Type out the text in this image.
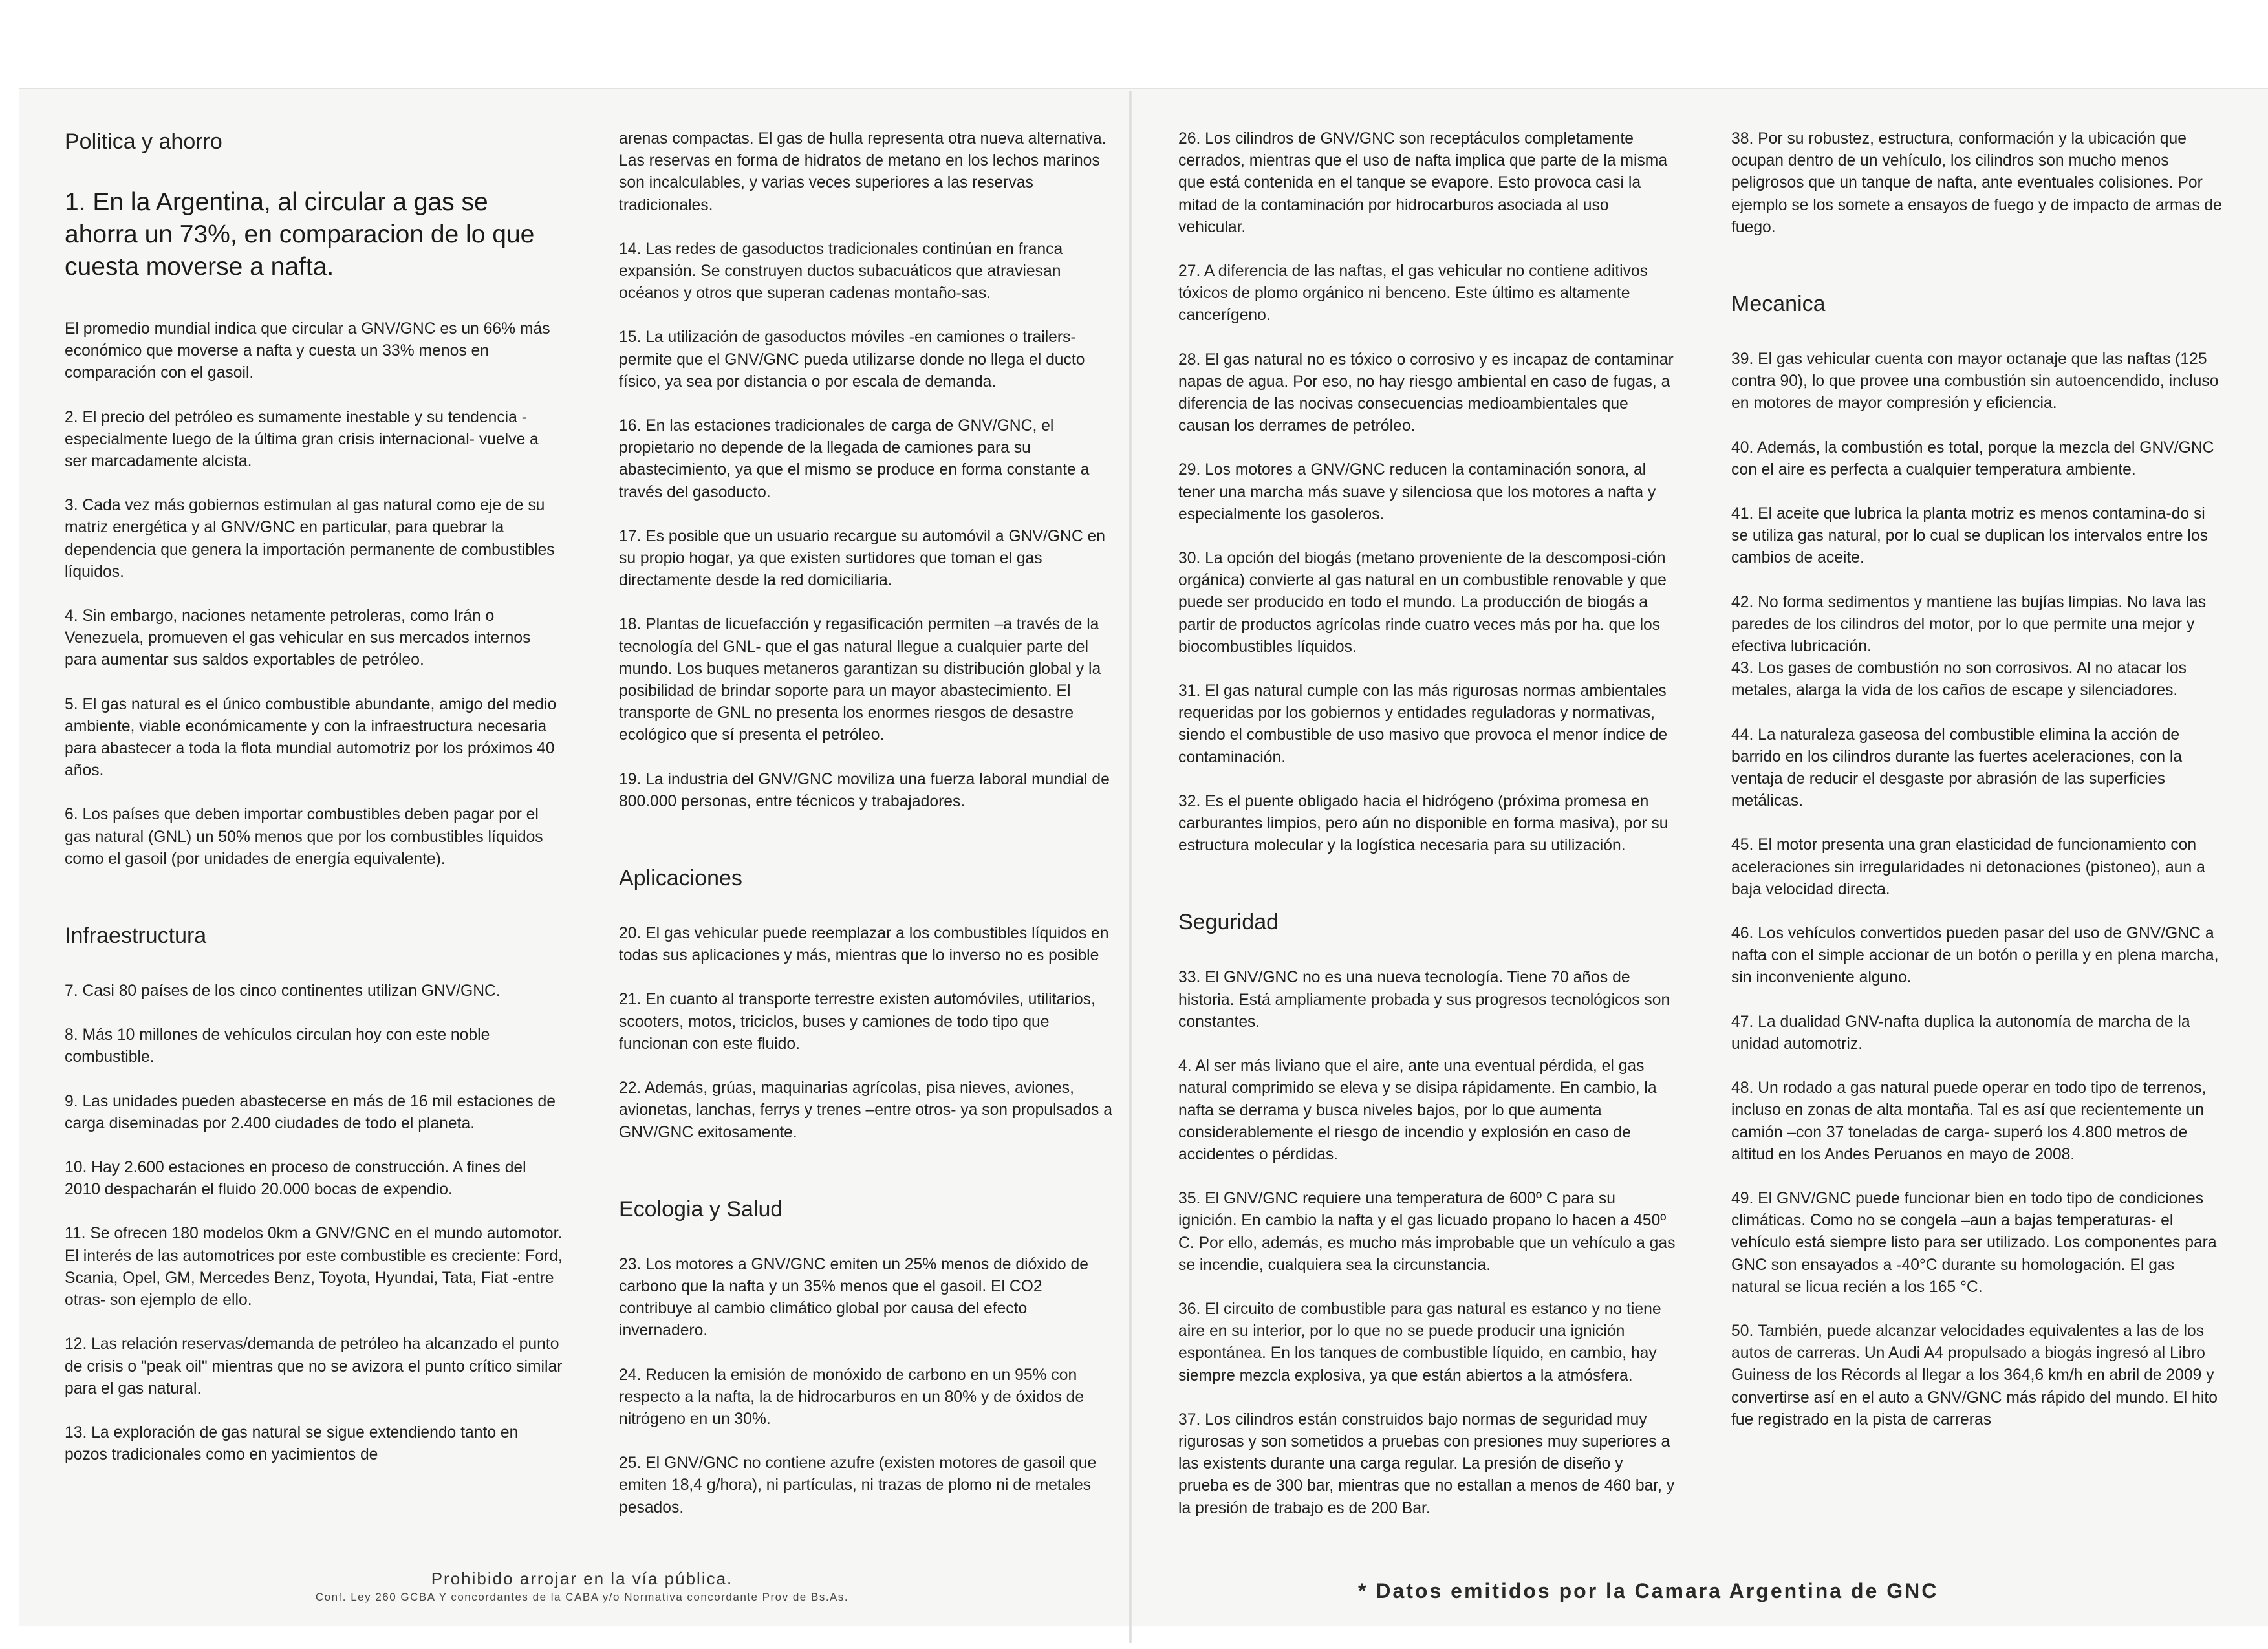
Politica y ahorro
1. En la Argentina, al circular a gas se ahorra un 73%, en comparacion de lo que cuesta moverse a nafta.

El promedio mundial indica que circular a GNV/GNC es un 66% más económico que moverse a nafta y cuesta un 33% menos en comparación con el gasoil.

2. El precio del petróleo es sumamente inestable y su tendencia -especialmente luego de la última gran crisis internacional- vuelve a ser marcadamente alcista.

3. Cada vez más gobiernos estimulan al gas natural como eje de su matriz energética y al GNV/GNC en particular, para quebrar la dependencia que genera la importación permanente de combustibles líquidos.

4. Sin embargo, naciones netamente petroleras, como Irán o Venezuela, promueven el gas vehicular en sus mercados internos para aumentar sus saldos exportables de petróleo.

5. El gas natural es el único combustible abundante, amigo del medio ambiente, viable económicamente y con la infraestructura necesaria para abastecer a toda la flota mundial automotriz por los próximos 40 años.

6. Los países que deben importar combustibles deben pagar por el gas natural (GNL) un 50% menos que por los combustibles líquidos como el gasoil (por unidades de energía equivalente).

Infraestructura

7. Casi 80 países de los cinco continentes utilizan GNV/GNC.

8. Más 10 millones de vehículos circulan hoy con este noble combustible.

9. Las unidades pueden abastecerse en más de 16 mil estaciones de carga diseminadas por 2.400 ciudades de todo el planeta.

10. Hay 2.600 estaciones en proceso de construcción. A fines del 2010 despacharán el fluido 20.000 bocas de expendio.

11. Se ofrecen 180 modelos 0km a GNV/GNC en el mundo automotor. El interés de las automotrices por este combustible es creciente: Ford, Scania, Opel, GM, Mercedes Benz, Toyota, Hyundai, Tata, Fiat -entre otras- son ejemplo de ello.

12. Las relación reservas/demanda de petróleo ha alcanzado el punto de crisis o "peak oil" mientras que no se avizora el punto crítico similar para el gas natural.

13. La exploración de gas natural se sigue extendiendo tanto en pozos tradicionales como en yacimientos de

arenas compactas. El gas de hulla representa otra nueva alternativa. Las reservas en forma de hidratos de metano en los lechos marinos son incalculables, y varias veces superiores a las reservas tradicionales.

14. Las redes de gasoductos tradicionales continúan en franca expansión. Se construyen ductos subacuáticos que atraviesan océanos y otros que superan cadenas montaño-sas.

15. La utilización de gasoductos móviles -en camiones o trailers- permite que el GNV/GNC pueda utilizarse donde no llega el ducto físico, ya sea por distancia o por escala de demanda.

16. En las estaciones tradicionales de carga de GNV/GNC, el propietario no depende de la llegada de camiones para su abastecimiento, ya que el mismo se produce en forma constante a través del gasoducto.

17. Es posible que un usuario recargue su automóvil a GNV/GNC en su propio hogar, ya que existen surtidores que toman el gas directamente desde la red domiciliaria.

18. Plantas de licuefacción y regasificación permiten –a través de la tecnología del GNL- que el gas natural llegue a cualquier parte del mundo. Los buques metaneros garantizan su distribución global y la posibilidad de brindar soporte para un mayor abastecimiento. El transporte de GNL no presenta los enormes riesgos de desastre ecológico que sí presenta el petróleo.

19. La industria del GNV/GNC moviliza una fuerza laboral mundial de 800.000 personas, entre técnicos y trabajadores.

Aplicaciones

20. El gas vehicular puede reemplazar a los combustibles líquidos en todas sus aplicaciones y más, mientras que lo inverso no es posible

21. En cuanto al transporte terrestre existen automóviles, utilitarios, scooters, motos, triciclos, buses y camiones de todo tipo que funcionan con este fluido.

22. Además, grúas, maquinarias agrícolas, pisa nieves, aviones, avionetas, lanchas, ferrys y trenes –entre otros- ya son propulsados a GNV/GNC exitosamente.

Ecologia y Salud

23. Los motores a GNV/GNC emiten un 25% menos de dióxido de carbono que la nafta y un 35% menos que el gasoil. El CO2 contribuye al cambio climático global por causa del efecto invernadero.

24. Reducen la emisión de monóxido de carbono en un 95% con respecto a la nafta, la de hidrocarburos en un 80% y de óxidos de nitrógeno en un 30%.

25. El GNV/GNC no contiene azufre (existen motores de gasoil que emiten 18,4 g/hora), ni partículas, ni trazas de plomo ni de metales pesados.

26. Los cilindros de GNV/GNC son receptáculos completamente cerrados, mientras que el uso de nafta implica que parte de la misma que está contenida en el tanque se evapore. Esto provoca casi la mitad de la contaminación por hidrocarburos asociada al uso vehicular.

27. A diferencia de las naftas, el gas vehicular no contiene aditivos tóxicos de plomo orgánico ni benceno. Este último es altamente cancerígeno.

28. El gas natural no es tóxico o corrosivo y es incapaz de contaminar napas de agua. Por eso, no hay riesgo ambiental en caso de fugas, a diferencia de las nocivas consecuencias medioambientales que causan los derrames de petróleo.

29. Los motores a GNV/GNC reducen la contaminación sonora, al tener una marcha más suave y silenciosa que los motores a nafta y especialmente los gasoleros.

30. La opción del biogás (metano proveniente de la descomposi-ción orgánica) convierte al gas natural en un combustible renovable y que puede ser producido en todo el mundo. La producción de biogás a partir de productos agrícolas rinde cuatro veces más por ha. que los biocombustibles líquidos.

31. El gas natural cumple con las más rigurosas normas ambientales requeridas por los gobiernos y entidades reguladoras y normativas, siendo el combustible de uso masivo que provoca el menor índice de contaminación.

32. Es el puente obligado hacia el hidrógeno (próxima promesa en carburantes limpios, pero aún no disponible en forma masiva), por su estructura molecular y la logística necesaria para su utilización.

Seguridad

33. El GNV/GNC no es una nueva tecnología. Tiene 70 años de historia. Está ampliamente probada y sus progresos tecnológicos son constantes.

4. Al ser más liviano que el aire, ante una eventual pérdida, el gas natural comprimido se eleva y se disipa rápidamente. En cambio, la nafta se derrama y busca niveles bajos, por lo que aumenta considerablemente el riesgo de incendio y explosión en caso de accidentes o pérdidas.

35. El GNV/GNC requiere una temperatura de 600º C para su ignición. En cambio la nafta y el gas licuado propano lo hacen a 450º C. Por ello, además, es mucho más improbable que un vehículo a gas se incendie, cualquiera sea la circunstancia.

36. El circuito de combustible para gas natural es estanco y no tiene aire en su interior, por lo que no se puede producir una ignición espontánea. En los tanques de combustible líquido, en cambio, hay siempre mezcla explosiva, ya que están abiertos a la atmósfera.

37. Los cilindros están construidos bajo normas de seguridad muy rigurosas y son sometidos a pruebas con presiones muy superiores a las existents durante una carga regular. La presión de diseño y prueba es de 300 bar, mientras que no estallan a menos de 460 bar, y la presión de trabajo es de 200 Bar.

38. Por su robustez, estructura, conformación y la ubicación que ocupan dentro de un vehículo, los cilindros son mucho menos peligrosos que un tanque de nafta, ante eventuales colisiones. Por ejemplo se los somete a ensayos de fuego y de impacto de armas de fuego.

Mecanica

39. El gas vehicular cuenta con mayor octanaje que las naftas (125 contra 90), lo que provee una combustión sin autoencendido, incluso en motores de mayor compresión y eficiencia.

40. Además, la combustión es total, porque la mezcla del GNV/GNC con el aire es perfecta a cualquier temperatura ambiente.

41. El aceite que lubrica la planta motriz es menos contamina-do si se utiliza gas natural, por lo cual se duplican los intervalos entre los cambios de aceite.

42. No forma sedimentos y mantiene las bujías limpias. No lava las paredes de los cilindros del motor, por lo que permite una mejor y efectiva lubricación.

43. Los gases de combustión no son corrosivos. Al no atacar los metales, alarga la vida de los caños de escape y silenciadores.

44. La naturaleza gaseosa del combustible elimina la acción de barrido en los cilindros durante las fuertes aceleraciones, con la ventaja de reducir el desgaste por abrasión de las superficies metálicas.

45. El motor presenta una gran elasticidad de funcionamiento con aceleraciones sin irregularidades ni detonaciones (pistoneo), aun a baja velocidad directa.

46. Los vehículos convertidos pueden pasar del uso de GNV/GNC a nafta con el simple accionar de un botón o perilla y en plena marcha, sin inconveniente alguno.

47. La dualidad GNV-nafta duplica la autonomía de marcha de la unidad automotriz.

48. Un rodado a gas natural puede operar en todo tipo de terrenos, incluso en zonas de alta montaña. Tal es así que recientemente un camión –con 37 toneladas de carga- superó los 4.800 metros de altitud en los Andes Peruanos en mayo de 2008.

49. El GNV/GNC puede funcionar bien en todo tipo de condiciones climáticas. Como no se congela –aun a bajas temperaturas- el vehículo está siempre listo para ser utilizado. Los componentes para GNC son ensayados a -40°C durante su homologación. El gas natural se licua recién a los 165 °C.

50. También, puede alcanzar velocidades equivalentes a las de los autos de carreras. Un Audi A4 propulsado a biogás ingresó al Libro Guiness de los Récords al llegar a los 364,6 km/h en abril de 2009 y convertirse así en el auto a GNV/GNC más rápido del mundo. El hito fue registrado en la pista de carreras

Prohibido arrojar en la vía pública.
Conf. Ley 260 GCBA Y concordantes de la CABA y/o Normativa concordante Prov de Bs.As.	* Datos emitidos por la Camara Argentina de GNC
